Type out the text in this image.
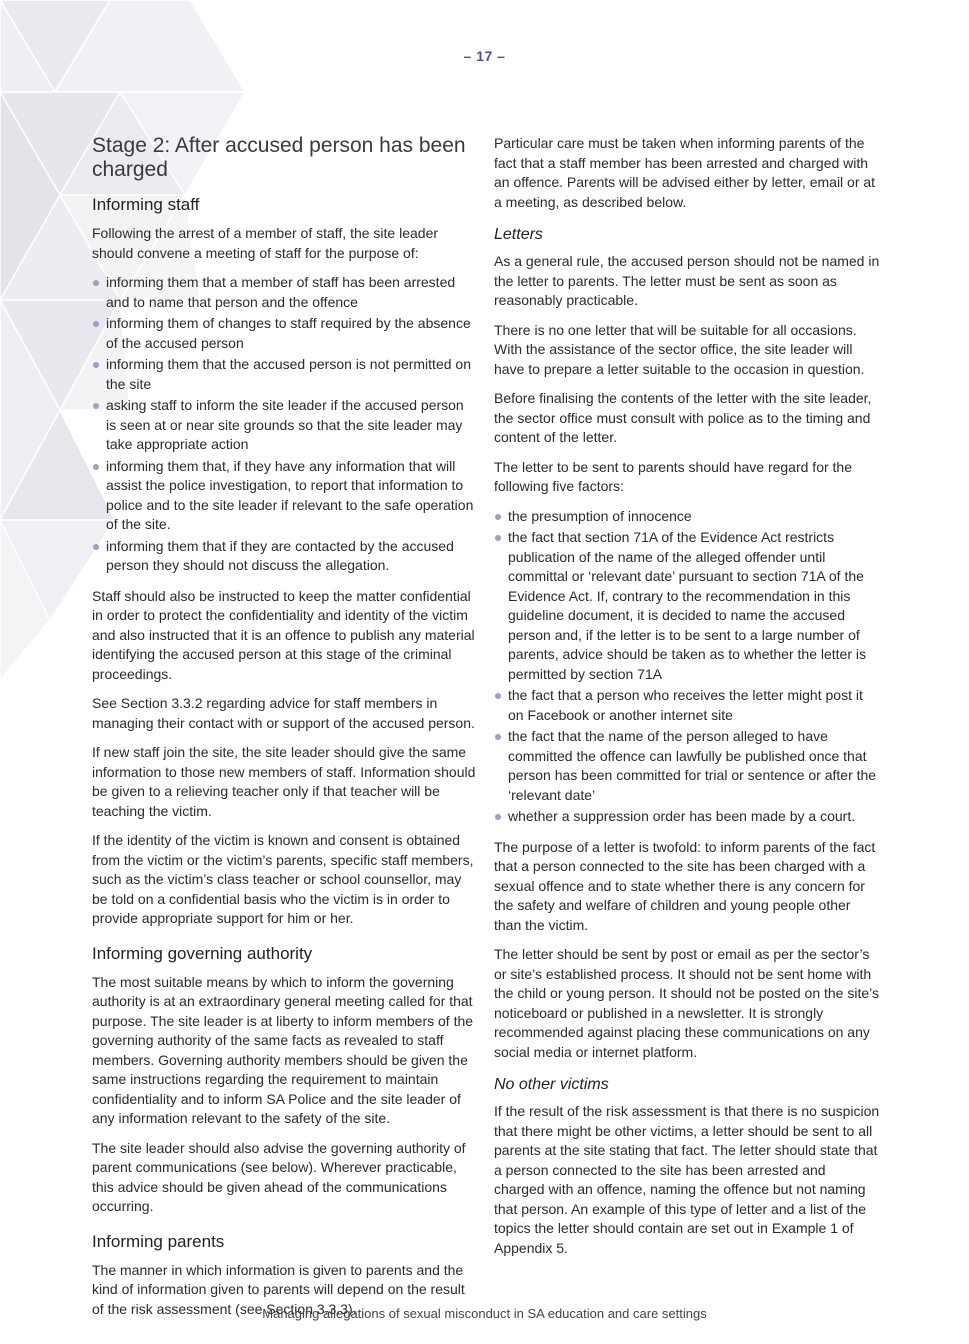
– 17 –
Stage 2: After accused person has been charged
Informing staff

Following the arrest of a member of staff, the site leader should convene a meeting of staff for the purpose of:

informing them that a member of staff has been arrested and to name that person and the offence
informing them of changes to staff required by the absence of the accused person
informing them that the accused person is not permitted on the site
asking staff to inform the site leader if the accused person is seen at or near site grounds so that the site leader may take appropriate action
informing them that, if they have any information that will assist the police investigation, to report that information to police and to the site leader if relevant to the safe operation of the site.
informing them that if they are contacted by the accused person they should not discuss the allegation.

Staff should also be instructed to keep the matter confidential in order to protect the confidentiality and identity of the victim and also instructed that it is an offence to publish any material identifying the accused person at this stage of the criminal proceedings.

See Section 3.3.2 regarding advice for staff members in managing their contact with or support of the accused person.

If new staff join the site, the site leader should give the same information to those new members of staff. Information should be given to a relieving teacher only if that teacher will be teaching the victim.

If the identity of the victim is known and consent is obtained from the victim or the victim’s parents, specific staff members, such as the victim’s class teacher or school counsellor, may be told on a confidential basis who the victim is in order to provide appropriate support for him or her.

Informing governing authority

The most suitable means by which to inform the governing authority is at an extraordinary general meeting called for that purpose. The site leader is at liberty to inform members of the governing authority of the same facts as revealed to staff members. Governing authority members should be given the same instructions regarding the requirement to maintain confidentiality and to inform SA Police and the site leader of any information relevant to the safety of the site.

The site leader should also advise the governing authority of parent communications (see below). Wherever practicable, this advice should be given ahead of the communications occurring.

Informing parents

The manner in which information is given to parents and the kind of information given to parents will depend on the result of the risk assessment (see Section 3.3.3).

Particular care must be taken when informing parents of the fact that a staff member has been arrested and charged with an offence. Parents will be advised either by letter, email or at a meeting, as described below.

Letters

As a general rule, the accused person should not be named in the letter to parents. The letter must be sent as soon as reasonably practicable.

There is no one letter that will be suitable for all occasions. With the assistance of the sector office, the site leader will have to prepare a letter suitable to the occasion in question.

Before finalising the contents of the letter with the site leader, the sector office must consult with police as to the timing and content of the letter.

The letter to be sent to parents should have regard for the following five factors:

the presumption of innocence
the fact that section 71A of the Evidence Act restricts publication of the name of the alleged offender until committal or ‘relevant date’ pursuant to section 71A of the Evidence Act. If, contrary to the recommendation in this guideline document, it is decided to name the accused person and, if the letter is to be sent to a large number of parents, advice should be taken as to whether the letter is permitted by section 71A
the fact that a person who receives the letter might post it on Facebook or another internet site
the fact that the name of the person alleged to have committed the offence can lawfully be published once that person has been committed for trial or sentence or after the ‘relevant date’
whether a suppression order has been made by a court.

The purpose of a letter is twofold: to inform parents of the fact that a person connected to the site has been charged with a sexual offence and to state whether there is any concern for the safety and welfare of children and young people other than the victim.

The letter should be sent by post or email as per the sector’s or site’s established process. It should not be sent home with the child or young person. It should not be posted on the site’s noticeboard or published in a newsletter. It is strongly recommended against placing these communications on any social media or internet platform.

No other victims

If the result of the risk assessment is that there is no suspicion that there might be other victims, a letter should be sent to all parents at the site stating that fact. The letter should state that a person connected to the site has been arrested and charged with an offence, naming the offence but not naming that person. An example of this type of letter and a list of the topics the letter should contain are set out in Example 1 of Appendix 5.

Managing allegations of sexual misconduct in SA education and care settings
